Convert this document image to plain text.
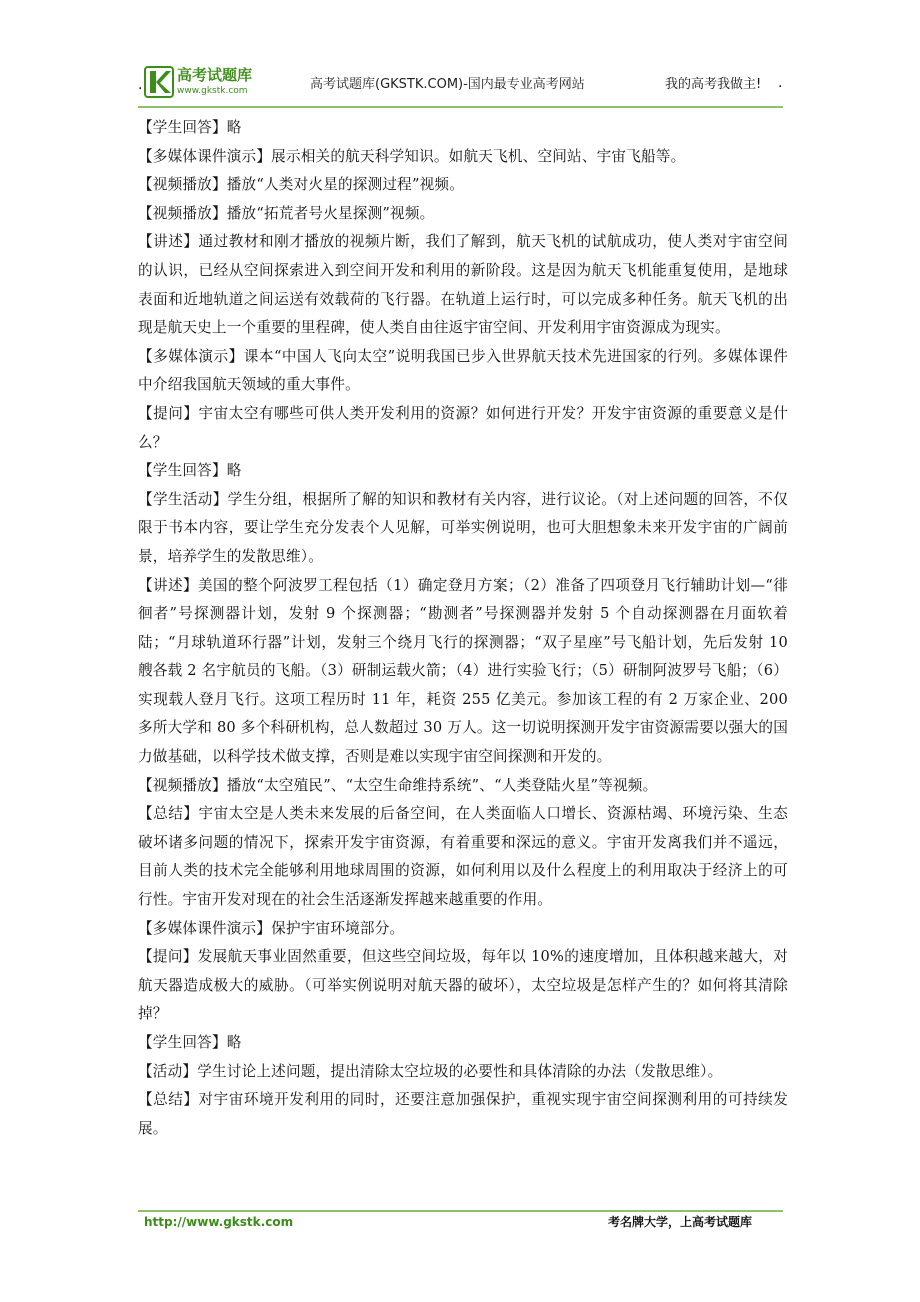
·
高考试题库
www.gkstk.com	高考试题库(GKSTK.COM)-国内最专业高考网站	我的高考我做主! ·

【学生回答】略

【多媒体课件演示】展示相关的航天科学知识。如航天飞机、空间站、宇宙飞船等。

【视频播放】播放“人类对火星的探测过程”视频。

【视频播放】播放“拓荒者号火星探测”视频。

【讲述】通过教材和刚才播放的视频片断，我们了解到，航天飞机的试航成功，使人类对宇宙空间的认识，已经从空间探索进入到空间开发和利用的新阶段。这是因为航天飞机能重复使用，是地球表面和近地轨道之间运送有效载荷的飞行器。在轨道上运行时，可以完成多种任务。航天飞机的出现是航天史上一个重要的里程碑，使人类自由往返宇宙空间、开发利用宇宙资源成为现实。

【多媒体演示】课本“中国人飞向太空”说明我国已步入世界航天技术先进国家的行列。多媒体课件中介绍我国航天领域的重大事件。

【提问】宇宙太空有哪些可供人类开发利用的资源？如何进行开发？开发宇宙资源的重要意义是什么？

【学生回答】略

【学生活动】学生分组，根据所了解的知识和教材有关内容，进行议论。（对上述问题的回答，不仅限于书本内容，要让学生充分发表个人见解，可举实例说明，也可大胆想象未来开发宇宙的广阔前景，培养学生的发散思维）。

【讲述】美国的整个阿波罗工程包括（1）确定登月方案；（2）准备了四项登月飞行辅助计划—“徘徊者”号探测器计划，发射 9 个探测器；“勘测者”号探测器并发射 5 个自动探测器在月面软着陆；“月球轨道环行器”计划，发射三个绕月飞行的探测器；“双子星座”号飞船计划，先后发射 10 艘各载 2 名宇航员的飞船。（3）研制运载火箭；（4）进行实验飞行；（5）研制阿波罗号飞船；（6）实现载人登月飞行。这项工程历时 11 年，耗资 255 亿美元。参加该工程的有 2 万家企业、200 多所大学和 80 多个科研机构，总人数超过 30 万人。这一切说明探测开发宇宙资源需要以强大的国力做基础，以科学技术做支撑，否则是难以实现宇宙空间探测和开发的。

【视频播放】播放“太空殖民”、“太空生命维持系统”、“人类登陆火星”等视频。

【总结】宇宙太空是人类未来发展的后备空间，在人类面临人口增长、资源枯竭、环境污染、生态破坏诸多问题的情况下，探索开发宇宙资源，有着重要和深远的意义。宇宙开发离我们并不遥远，目前人类的技术完全能够利用地球周围的资源，如何利用以及什么程度上的利用取决于经济上的可行性。宇宙开发对现在的社会生活逐渐发挥越来越重要的作用。

【多媒体课件演示】保护宇宙环境部分。

【提问】发展航天事业固然重要，但这些空间垃圾，每年以 10%的速度增加，且体积越来越大，对航天器造成极大的威胁。（可举实例说明对航天器的破坏），太空垃圾是怎样产生的？如何将其清除掉？

【学生回答】略

【活动】学生讨论上述问题，提出清除太空垃圾的必要性和具体清除的办法（发散思维）。

【总结】对宇宙环境开发利用的同时，还要注意加强保护，重视实现宇宙空间探测利用的可持续发展。

http://www.gkstk.com	考名牌大学，上高考试题库
